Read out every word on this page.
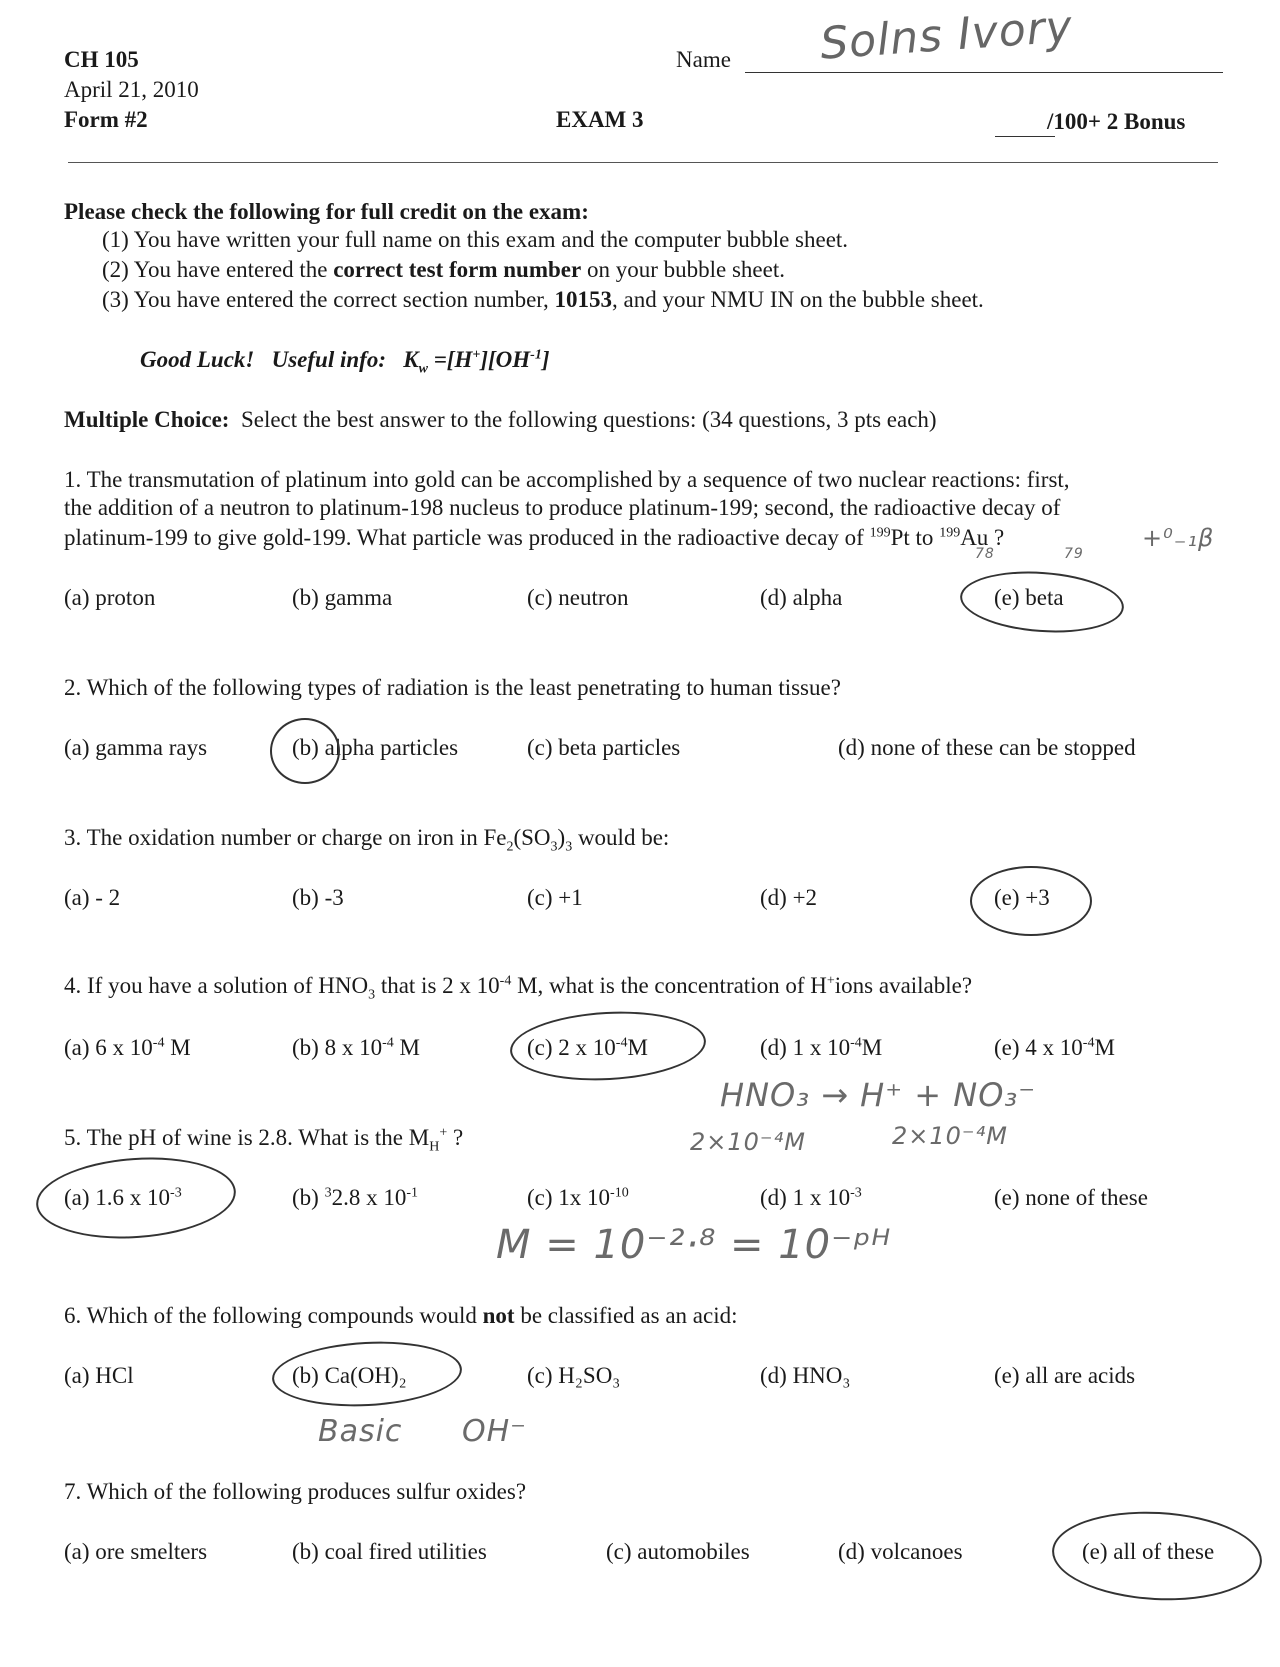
CH 105
April 21, 2010
Form #2
Name Solns Ivory
EXAM 3	/100+ 2 Bonus
Please check the following for full credit on the exam:
(1) You have written your full name on this exam and the computer bubble sheet.
(2) You have entered the correct test form number on your bubble sheet.
(3) You have entered the correct section number, 10153, and your NMU IN on the bubble sheet.
Good Luck! Useful info: $K_w =[H^+][OH^{-1}]$
Multiple Choice: Select the best answer to the following questions: (34 questions, 3 pts each)
1. The transmutation of platinum into gold can be accomplished by a sequence of two nuclear reactions: first,
the addition of a neutron to platinum-198 nucleus to produce platinum-199; second, the radioactive decay of
platinum-199 to give gold-199. What particle was produced in the radioactive decay of $^{199}$Pt to $^{199}$Au ?
78	79
+⁰₋₁β
(a) proton	(b) gamma	(c) neutron	(d) alpha	(e) beta
2. Which of the following types of radiation is the least penetrating to human tissue?
(a) gamma rays	(b) alpha particles	(c) beta particles	(d) none of these can be stopped
3. The oxidation number or charge on iron in $Fe_2(SO_3)_3$ would be:
(a) - 2	(b) -3	(c) +1	(d) +2	(e) +3
4. If you have a solution of $HNO_3$ that is 2 x $10^{-4}$ M, what is the concentration of H+ions available?
(a) 6 x $10^{-4}$ M	(b) 8 x $10^{-4}$ M	(c) 2 x $10^{-4}M$	(d) 1 x $10^{-4}M$	(e) 4 x $10^{-4}M$
HNO₃ → H⁺ + NO₃⁻
2×10⁻⁴M	2×10⁻⁴M
5. The pH of wine is 2.8. What is the $M_H^+$ ?
(a) 1.6 x $10^{-3}$	(b) $^3$2.8 x $10^{-1}$	(c) 1x $10^{-10}$	(d) 1 x $10^{-3}$	(e) none of these
M = 10⁻²·⁸ = 10⁻ᵖᴴ
6. Which of the following compounds would not be classified as an acid:
(a) HCl	(b) Ca(OH)₂	(c) H₂SO₃	(d) HNO₃	(e) all are acids
Basic OH⁻
7. Which of the following produces sulfur oxides?
(a) ore smelters	(b) coal fired utilities	(c) automobiles	(d) volcanoes	(e) all of these
